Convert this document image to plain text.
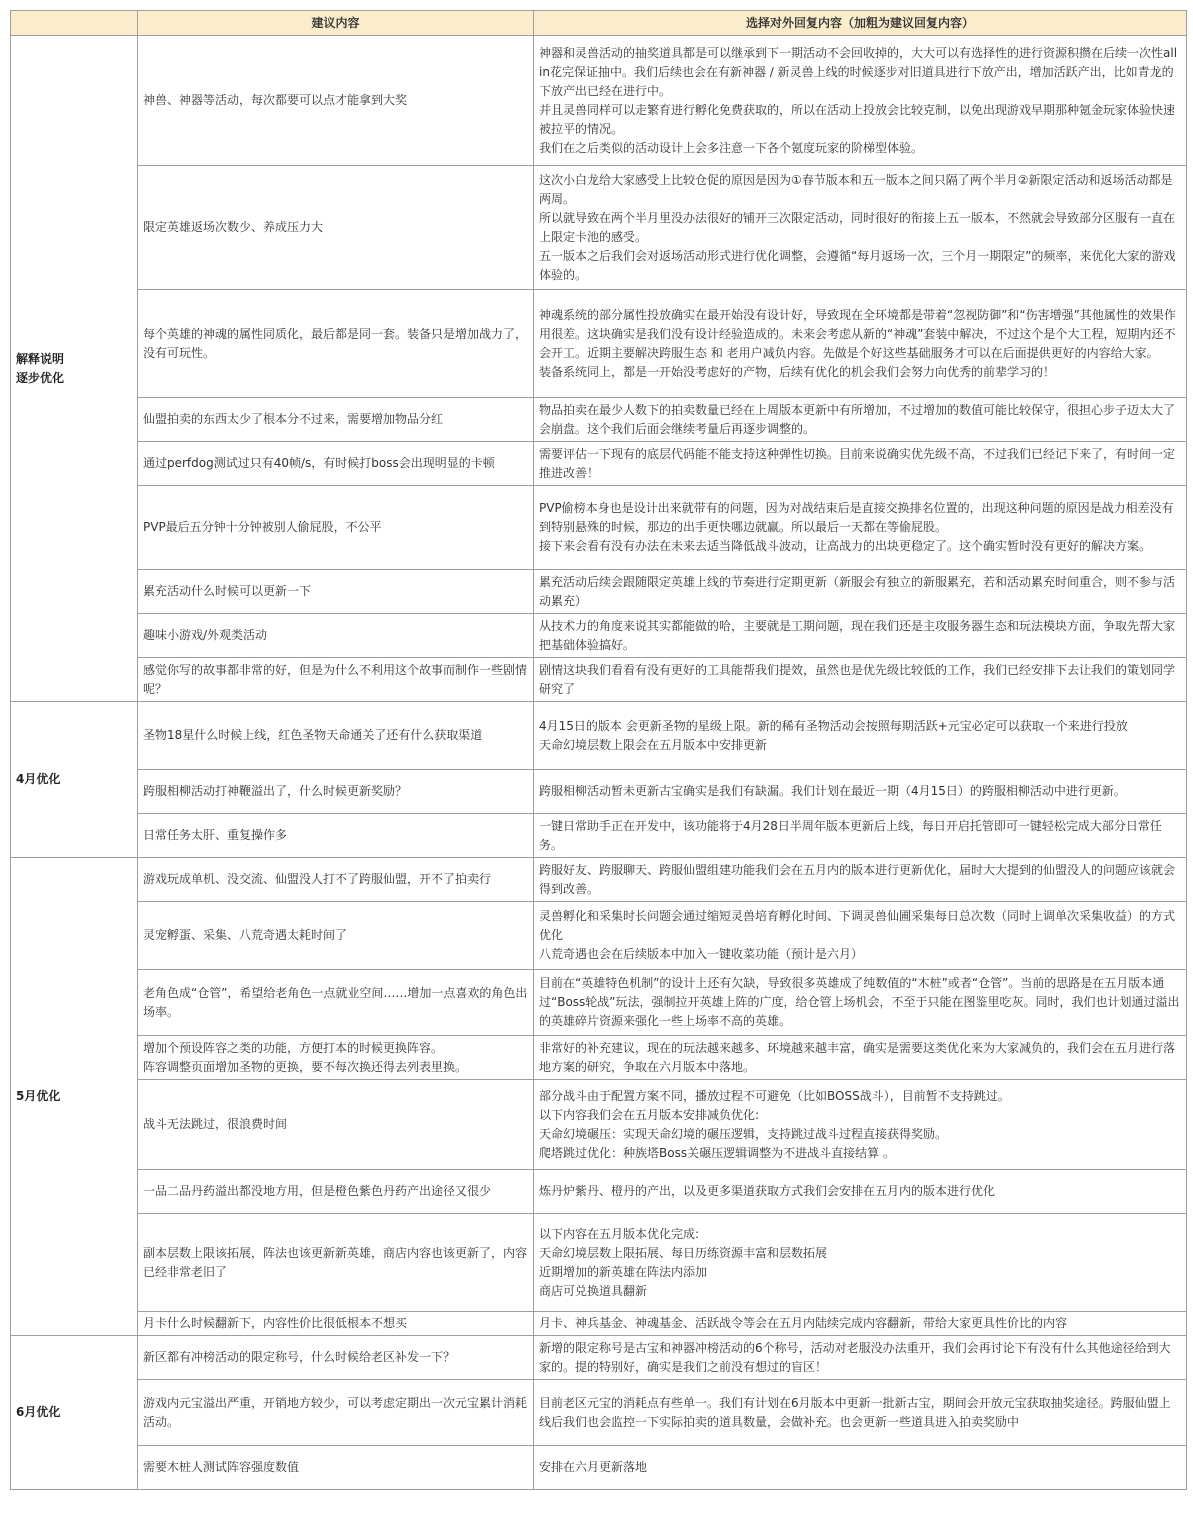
	建议内容	选择对外回复内容（加粗为建议回复内容）

解释说明
逐步优化	神兽、神器等活动，每次都要可以点才能拿到大奖	神器和灵兽活动的抽奖道具都是可以继承到下一期活动不会回收掉的，大大可以有选择性的进行资源积攒在后续一次性all in花完保证抽中。我们后续也会在有新神器 / 新灵兽上线的时候逐步对旧道具进行下放产出，增加活跃产出，比如青龙的下放产出已经在进行中。
并且灵兽同样可以走繁育进行孵化免费获取的，所以在活动上投放会比较克制，以免出现游戏早期那种氪金玩家体验快速被拉平的情况。
我们在之后类似的活动设计上会多注意一下各个氪度玩家的阶梯型体验。

	限定英雄返场次数少、养成压力大	这次小白龙给大家感受上比较仓促的原因是因为①春节版本和五一版本之间只隔了两个半月②新限定活动和返场活动都是两周。
所以就导致在两个半月里没办法很好的铺开三次限定活动，同时很好的衔接上五一版本，不然就会导致部分区服有一直在上限定卡池的感受。
五一版本之后我们会对返场活动形式进行优化调整，会遵循“每月返场一次，三个月一期限定”的频率，来优化大家的游戏体验的。

	每个英雄的神魂的属性同质化，最后都是同一套。装备只是增加战力了，没有可玩性。	神魂系统的部分属性投放确实在最开始没有设计好，导致现在全环境都是带着“忽视防御”和“伤害增强”其他属性的效果作用很差。这块确实是我们没有设计经验造成的。未来会考虑从新的“神魂”套装中解决，不过这个是个大工程，短期内还不会开工。近期主要解决跨服生态 和 老用户减负内容。先做是个好这些基础服务才可以在后面提供更好的内容给大家。
装备系统同上，都是一开始没考虑好的产物，后续有优化的机会我们会努力向优秀的前辈学习的！

	仙盟拍卖的东西太少了根本分不过来，需要增加物品分红	物品拍卖在最少人数下的拍卖数量已经在上周版本更新中有所增加，不过增加的数值可能比较保守，很担心步子迈太大了会崩盘。这个我们后面会继续考量后再逐步调整的。

	通过perfdog测试过只有40帧/s，有时候打boss会出现明显的卡顿	需要评估一下现有的底层代码能不能支持这种弹性切换。目前来说确实优先级不高，不过我们已经记下来了，有时间一定推进改善！

	PVP最后五分钟十分钟被别人偷屁股，不公平	PVP偷榜本身也是设计出来就带有的问题，因为对战结束后是直接交换排名位置的，出现这种问题的原因是战力相差没有到特别悬殊的时候，那边的出手更快哪边就赢。所以最后一天都在等偷屁股。
接下来会看有没有办法在未来去适当降低战斗波动，让高战力的出块更稳定了。这个确实暂时没有更好的解决方案。

	累充活动什么时候可以更新一下	累充活动后续会跟随限定英雄上线的节奏进行定期更新（新服会有独立的新服累充，若和活动累充时间重合，则不参与活动累充）

	趣味小游戏/外观类活动	从技术力的角度来说其实都能做的哈，主要就是工期问题，现在我们还是主攻服务器生态和玩法模块方面，争取先帮大家把基础体验搞好。

	感觉你写的故事都非常的好，但是为什么不利用这个故事而制作一些剧情呢？	剧情这块我们看看有没有更好的工具能帮我们提效，虽然也是优先级比较低的工作，我们已经安排下去让我们的策划同学研究了

4月优化	圣物18星什么时候上线，红色圣物天命通关了还有什么获取渠道	4月15日的版本 会更新圣物的星级上限。新的稀有圣物活动会按照每期活跃+元宝必定可以获取一个来进行投放
天命幻境层数上限会在五月版本中安排更新

	跨服相柳活动打神鞭溢出了，什么时候更新奖励？	跨服相柳活动暂未更新古宝确实是我们有缺漏。我们计划在最近一期（4月15日）的跨服相柳活动中进行更新。

	日常任务太肝、重复操作多	一键日常助手正在开发中，该功能将于4月28日半周年版本更新后上线，每日开启托管即可一键轻松完成大部分日常任务。

5月优化	游戏玩成单机、没交流、仙盟没人打不了跨服仙盟，开不了拍卖行	跨服好友、跨服聊天、跨服仙盟组建功能我们会在五月内的版本进行更新优化，届时大大提到的仙盟没人的问题应该就会得到改善。

	灵宠孵蛋、采集、八荒奇遇太耗时间了	灵兽孵化和采集时长问题会通过缩短灵兽培育孵化时间、下调灵兽仙圃采集每日总次数（同时上调单次采集收益）的方式优化
八荒奇遇也会在后续版本中加入一键收菜功能（预计是六月）

	老角色成“仓管”，希望给老角色一点就业空间……增加一点喜欢的角色出场率。	目前在“英雄特色机制”的设计上还有欠缺，导致很多英雄成了纯数值的“木桩”或者“仓管”。当前的思路是在五月版本通过“Boss轮战”玩法，强制拉开英雄上阵的广度，给仓管上场机会，不至于只能在图鉴里吃灰。同时，我们也计划通过溢出的英雄碎片资源来强化一些上场率不高的英雄。

	增加个预设阵容之类的功能，方便打本的时候更换阵容。
阵容调整页面增加圣物的更换，要不每次换还得去列表里换。	非常好的补充建议，现在的玩法越来越多、环境越来越丰富，确实是需要这类优化来为大家减负的，我们会在五月进行落地方案的研究，争取在六月版本中落地。

	战斗无法跳过，很浪费时间	部分战斗由于配置方案不同，播放过程不可避免（比如BOSS战斗），目前暂不支持跳过。
以下内容我们会在五月版本安排减负优化:
天命幻境碾压：实现天命幻境的碾压逻辑，支持跳过战斗过程直接获得奖励。
爬塔跳过优化：种族塔Boss关碾压逻辑调整为不进战斗直接结算 。

	一品二品丹药溢出都没地方用，但是橙色紫色丹药产出途径又很少	炼丹炉紫丹、橙丹的产出，以及更多渠道获取方式我们会安排在五月内的版本进行优化

	副本层数上限该拓展，阵法也该更新新英雄，商店内容也该更新了，内容已经非常老旧了	以下内容在五月版本优化完成:
天命幻境层数上限拓展、每日历练资源丰富和层数拓展
近期增加的新英雄在阵法内添加
商店可兑换道具翻新

	月卡什么时候翻新下，内容性价比很低根本不想买	月卡、神兵基金、神魂基金、活跃战令等会在五月内陆续完成内容翻新，带给大家更具性价比的内容

6月优化	新区都有冲榜活动的限定称号，什么时候给老区补发一下？	新增的限定称号是古宝和神器冲榜活动的6个称号，活动对老服没办法重开，我们会再讨论下有没有什么其他途径给到大家的。提的特别好，确实是我们之前没有想过的盲区！

	游戏内元宝溢出严重，开销地方较少，可以考虑定期出一次元宝累计消耗活动。	目前老区元宝的消耗点有些单一。我们有计划在6月版本中更新一批新古宝，期间会开放元宝获取抽奖途径。跨服仙盟上线后我们也会监控一下实际拍卖的道具数量，会做补充。也会更新一些道具进入拍卖奖励中

	需要木桩人测试阵容强度数值	安排在六月更新落地
